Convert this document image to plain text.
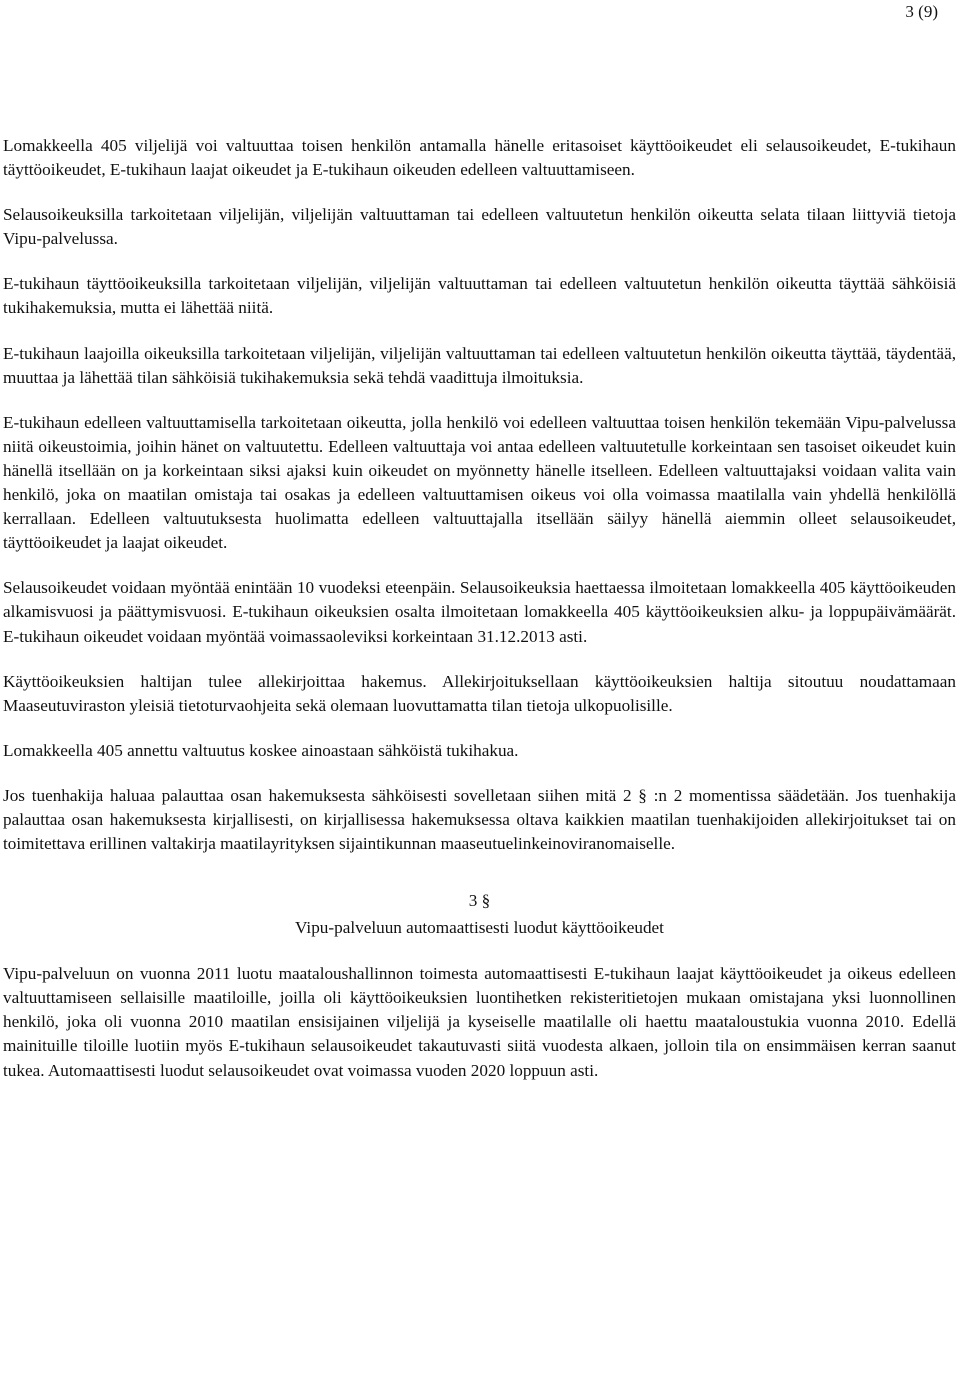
3 (9)

Lomakkeella 405 viljelijä voi valtuuttaa toisen henkilön antamalla hänelle eritasoiset käyttöoikeudet eli selausoikeudet, E-tukihaun täyttöoikeudet, E-tukihaun laajat oikeudet ja E-tukihaun oikeuden edelleen valtuuttamiseen.

Selausoikeuksilla tarkoitetaan viljelijän, viljelijän valtuuttaman tai edelleen valtuutetun henkilön oikeutta selata tilaan liittyviä tietoja Vipu-palvelussa.

E-tukihaun täyttöoikeuksilla tarkoitetaan viljelijän, viljelijän valtuuttaman tai edelleen valtuutetun henkilön oikeutta täyttää sähköisiä tukihakemuksia, mutta ei lähettää niitä.

E-tukihaun laajoilla oikeuksilla tarkoitetaan viljelijän, viljelijän valtuuttaman tai edelleen valtuutetun henkilön oikeutta täyttää, täydentää, muuttaa ja lähettää tilan sähköisiä tukihakemuksia sekä tehdä vaadittuja ilmoituksia.

E-tukihaun edelleen valtuuttamisella tarkoitetaan oikeutta, jolla henkilö voi edelleen valtuuttaa toisen henkilön tekemään Vipu-palvelussa niitä oikeustoimia, joihin hänet on valtuutettu. Edelleen valtuuttaja voi antaa edelleen valtuutetulle korkeintaan sen tasoiset oikeudet kuin hänellä itsellään on ja korkeintaan siksi ajaksi kuin oikeudet on myönnetty hänelle itselleen. Edelleen valtuuttajaksi voidaan valita vain henkilö, joka on maatilan omistaja tai osakas ja edelleen valtuuttamisen oikeus voi olla voimassa maatilalla vain yhdellä henkilöllä kerrallaan. Edelleen valtuutuksesta huolimatta edelleen valtuuttajalla itsellään säilyy hänellä aiemmin olleet selausoikeudet, täyttöoikeudet ja laajat oikeudet.

Selausoikeudet voidaan myöntää enintään 10 vuodeksi eteenpäin. Selausoikeuksia haettaessa ilmoitetaan lomakkeella 405 käyttöoikeuden alkamisvuosi ja päättymisvuosi. E-tukihaun oikeuksien osalta ilmoitetaan lomakkeella 405 käyttöoikeuksien alku- ja loppupäivämäärät. E-tukihaun oikeudet voidaan myöntää voimassaoleviksi korkeintaan 31.12.2013 asti.

Käyttöoikeuksien haltijan tulee allekirjoittaa hakemus. Allekirjoituksellaan käyttöoikeuksien haltija sitoutuu noudattamaan Maaseutuviraston yleisiä tietoturvaohjeita sekä olemaan luovuttamatta tilan tietoja ulkopuolisille.

Lomakkeella 405 annettu valtuutus koskee ainoastaan sähköistä tukihakua.

Jos tuenhakija haluaa palauttaa osan hakemuksesta sähköisesti sovelletaan siihen mitä 2 § :n 2 momentissa säädetään. Jos tuenhakija palauttaa osan hakemuksesta kirjallisesti, on kirjallisessa hakemuksessa oltava kaikkien maatilan tuenhakijoiden allekirjoitukset tai on toimitettava erillinen valtakirja maatilayrityksen sijaintikunnan maaseutuelinkeinoviranomaiselle.

3 §
Vipu-palveluun automaattisesti luodut käyttöoikeudet

Vipu-palveluun on vuonna 2011 luotu maataloushallinnon toimesta automaattisesti E-tukihaun laajat käyttöoikeudet ja oikeus edelleen valtuuttamiseen sellaisille maatiloille, joilla oli käyttöoikeuksien luontihetken rekisteritietojen mukaan omistajana yksi luonnollinen henkilö, joka oli vuonna 2010 maatilan ensisijainen viljelijä ja kyseiselle maatilalle oli haettu maataloustukia vuonna 2010. Edellä mainituille tiloille luotiin myös E-tukihaun selausoikeudet takautuvasti siitä vuodesta alkaen, jolloin tila on ensimmäisen kerran saanut tukea. Automaattisesti luodut selausoikeudet ovat voimassa vuoden 2020 loppuun asti.
